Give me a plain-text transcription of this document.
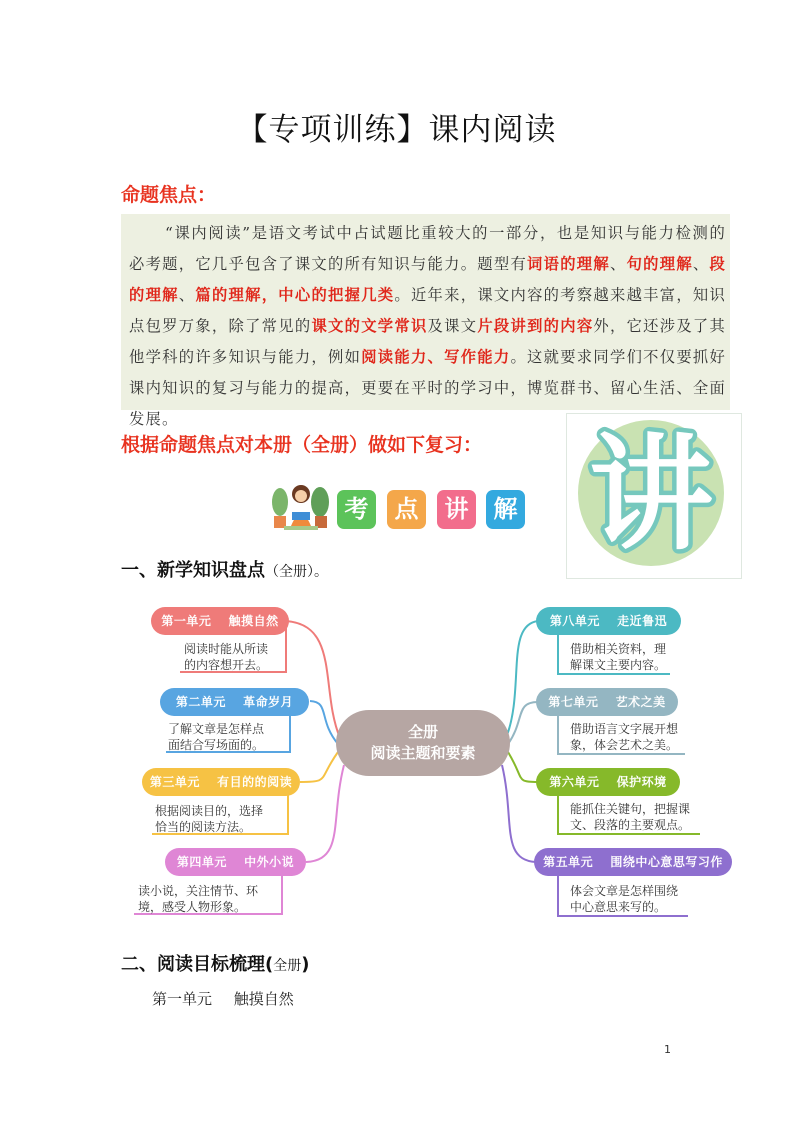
【专项训练】课内阅读
命题焦点：
“课内阅读”是语文考试中占试题比重较大的一部分，也是知识与能力检测的必考题，它几乎包含了课文的所有知识与能力。题型有词语的理解、句的理解、段的理解、篇的理解，中心的把握几类。近年来，课文内容的考察越来越丰富，知识点包罗万象，除了常见的课文的文学常识及课文片段讲到的内容外，它还涉及了其他学科的许多知识与能力，例如阅读能力、写作能力。这就要求同学们不仅要抓好课内知识的复习与能力的提高，更要在平时的学习中，博览群书、留心生活、全面发展。
根据命题焦点对本册（全册）做如下复习： 讲
考	点	讲	解
一、新学知识盘点（全册）。
全册
阅读主题和要素
第一单元　 触摸自然
阅读时能从所读
的内容想开去。
第二单元　 革命岁月
了解文章是怎样点
面结合写场面的。
第三单元　 有目的的阅读
根据阅读目的，选择
恰当的阅读方法。
第四单元　 中外小说
读小说，关注情节、环
境，感受人物形象。
第八单元　 走近鲁迅
借助相关资料，理
解课文主要内容。
第七单元　 艺术之美
借助语言文字展开想
象，体会艺术之美。
第六单元　 保护环境
能抓住关键句，把握课
文、段落的主要观点。
第五单元　 围绕中心意思写习作
体会文章是怎样围绕
中心意思来写的。
二、阅读目标梳理(全册)
第一单元　 触摸自然
1
